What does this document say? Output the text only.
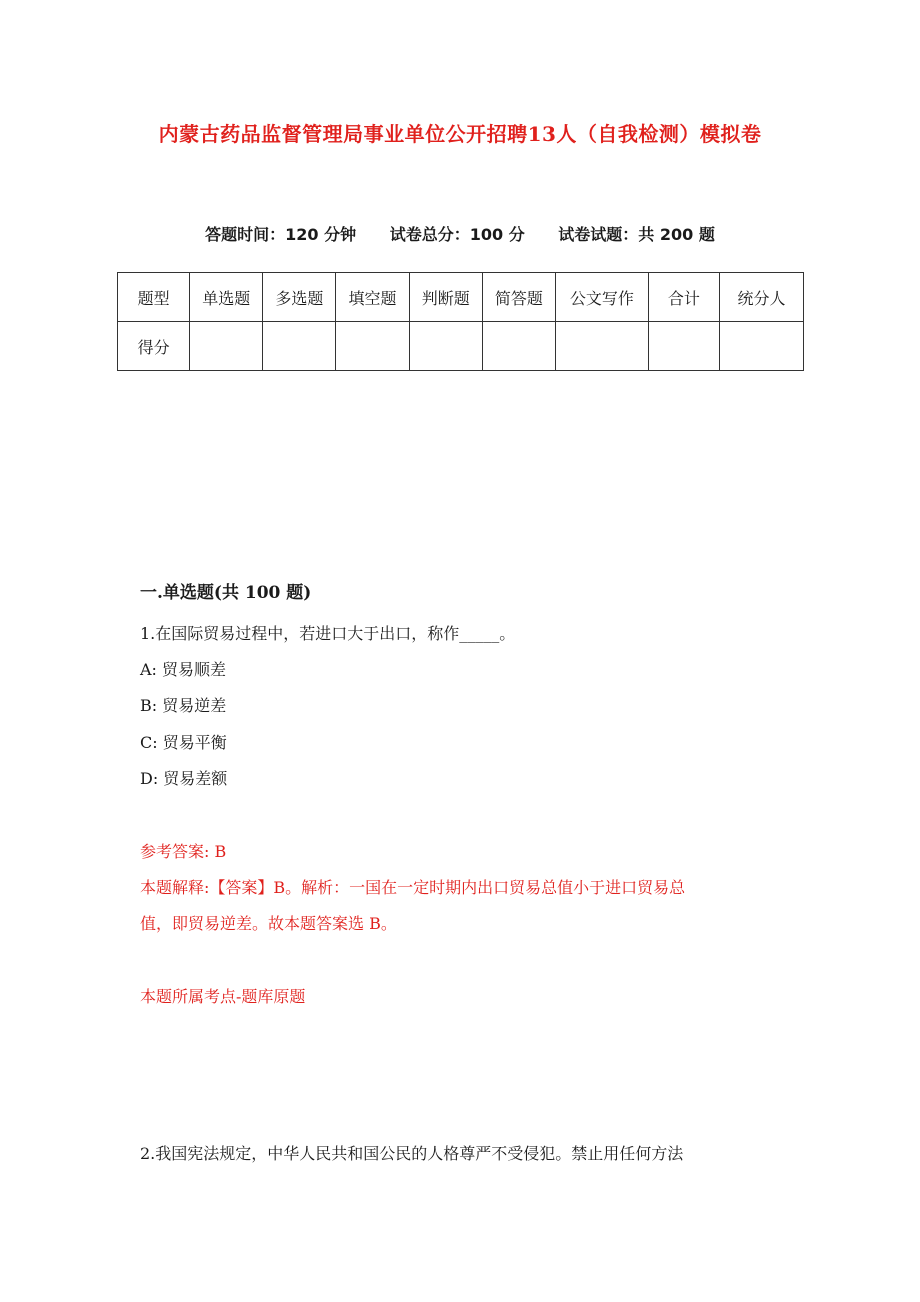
内蒙古药品监督管理局事业单位公开招聘13人（自我检测）模拟卷
答题时间：120 分钟 试卷总分：100 分 试卷试题：共 200 题
题型	单选题	多选题	填空题	判断题	简答题	公文写作	合计	统分人
得分								
一.单选题(共 100 题)
1.在国际贸易过程中，若进口大于出口，称作_____。
A: 贸易顺差
B: 贸易逆差
C: 贸易平衡
D: 贸易差额
参考答案: B
本题解释:【答案】B。解析：一国在一定时期内出口贸易总值小于进口贸易总
值，即贸易逆差。故本题答案选 B。
本题所属考点-题库原题
2.我国宪法规定，中华人民共和国公民的人格尊严不受侵犯。禁止用任何方法
